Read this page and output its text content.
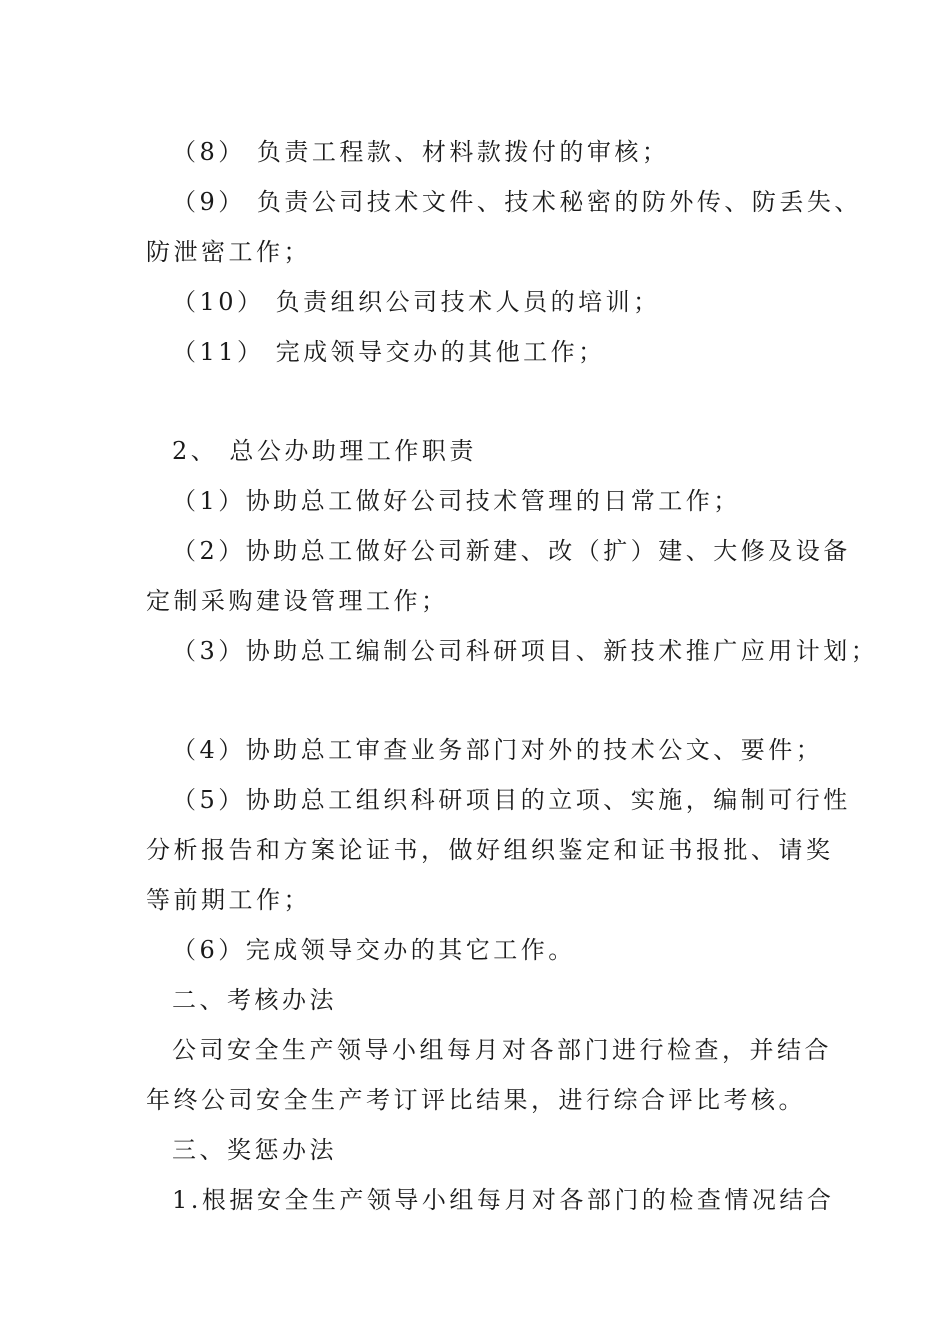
（8） 负责工程款、材料款拨付的审核；
（9） 负责公司技术文件、技术秘密的防外传、防丢失、
防泄密工作；
（10） 负责组织公司技术人员的培训；
（11） 完成领导交办的其他工作；
2、 总公办助理工作职责
（1）协助总工做好公司技术管理的日常工作；
（2）协助总工做好公司新建、改（扩）建、大修及设备
定制采购建设管理工作；
（3）协助总工编制公司科研项目、新技术推广应用计划；
（4）协助总工审查业务部门对外的技术公文、要件；
（5）协助总工组织科研项目的立项、实施，编制可行性
分析报告和方案论证书，做好组织鉴定和证书报批、请奖
等前期工作；
（6）完成领导交办的其它工作。
二、考核办法
公司安全生产领导小组每月对各部门进行检查，并结合
年终公司安全生产考订评比结果，进行综合评比考核。
三、奖惩办法
1.根据安全生产领导小组每月对各部门的检查情况结合
